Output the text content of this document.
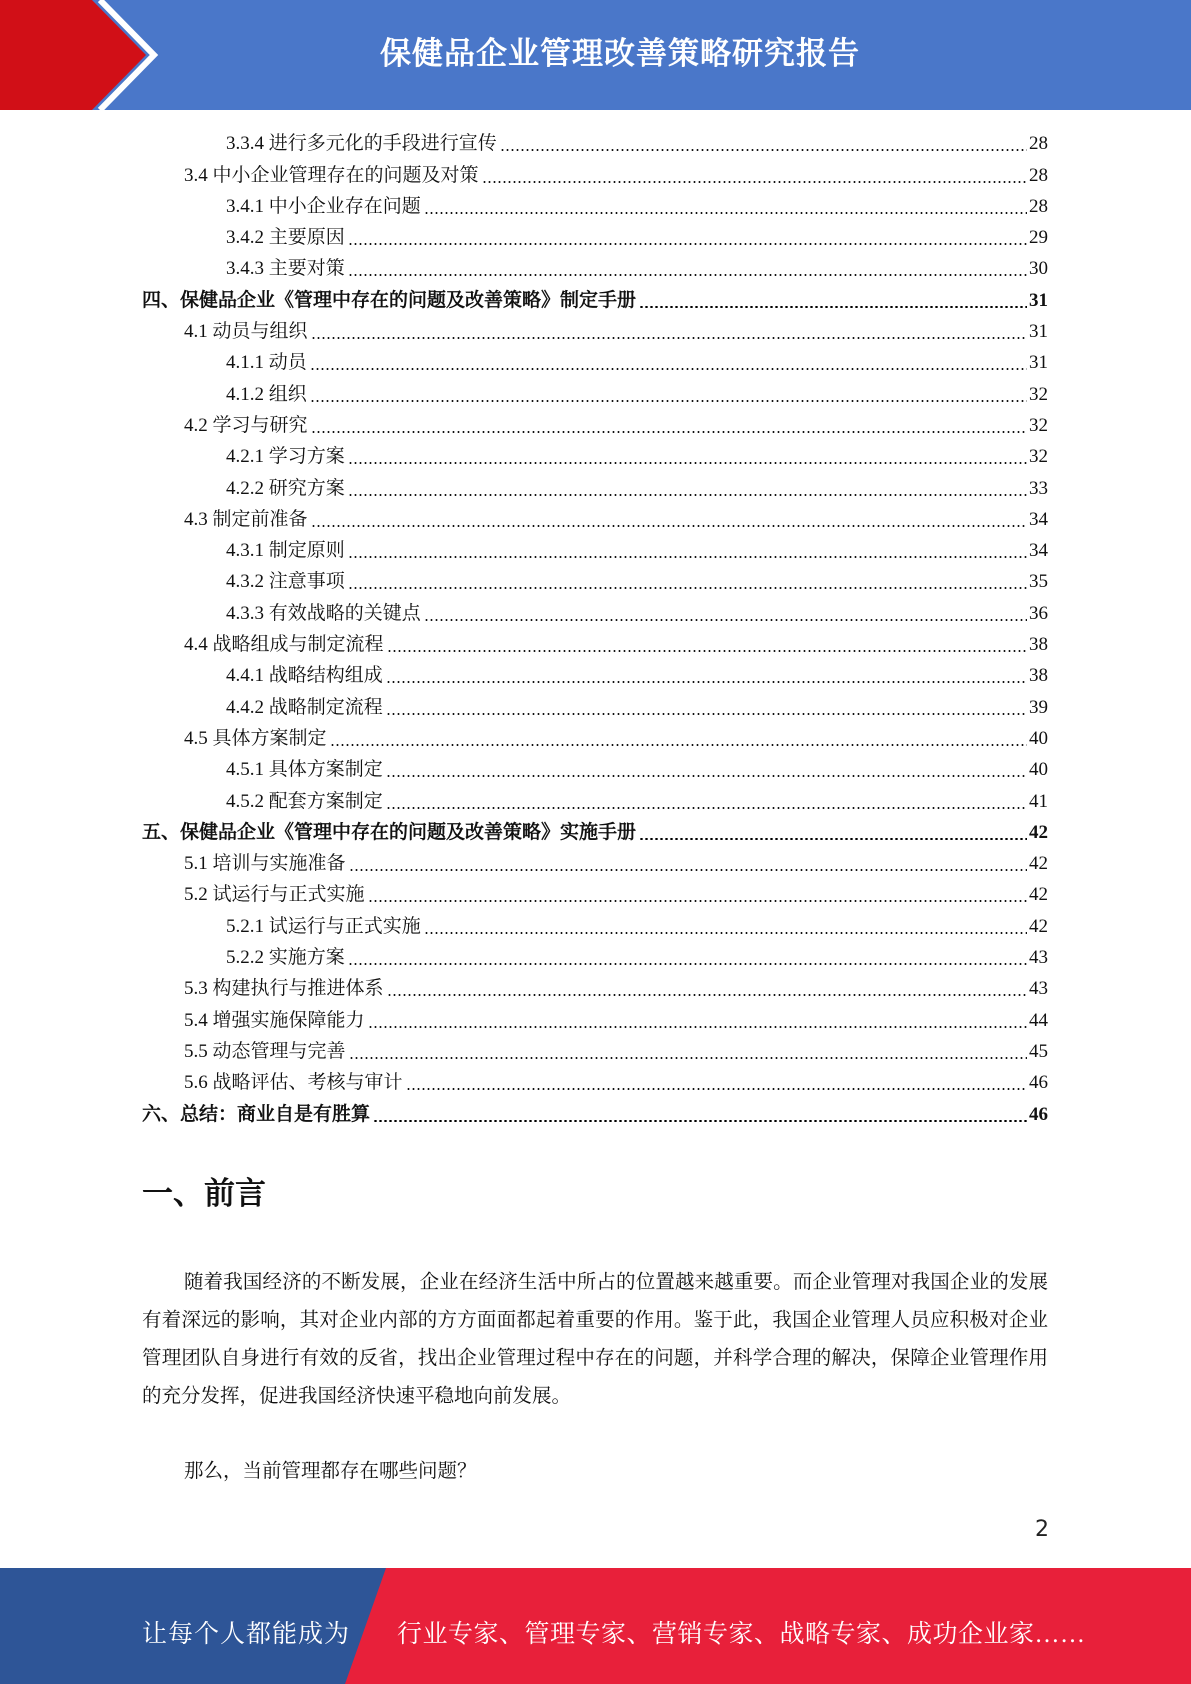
保健品企业管理改善策略研究报告
3.3.4 进行多元化的手段进行宣传	28
3.4 中小企业管理存在的问题及对策	28
3.4.1 中小企业存在问题	28
3.4.2 主要原因	29
3.4.3 主要对策	30
四、保健品企业《管理中存在的问题及改善策略》制定手册	31
4.1 动员与组织	31
4.1.1 动员	31
4.1.2 组织	32
4.2 学习与研究	32
4.2.1 学习方案	32
4.2.2 研究方案	33
4.3 制定前准备	34
4.3.1 制定原则	34
4.3.2 注意事项	35
4.3.3 有效战略的关键点	36
4.4 战略组成与制定流程	38
4.4.1 战略结构组成	38
4.4.2 战略制定流程	39
4.5 具体方案制定	40
4.5.1 具体方案制定	40
4.5.2 配套方案制定	41
五、保健品企业《管理中存在的问题及改善策略》实施手册	42
5.1 培训与实施准备	42
5.2 试运行与正式实施	42
5.2.1 试运行与正式实施	42
5.2.2 实施方案	43
5.3 构建执行与推进体系	43
5.4 增强实施保障能力	44
5.5 动态管理与完善	45
5.6 战略评估、考核与审计	46
六、总结：商业自是有胜算	46
一、前言

随着我国经济的不断发展，企业在经济生活中所占的位置越来越重要。而企业管理对我国企业的发展有着深远的影响，其对企业内部的方方面面都起着重要的作用。鉴于此，我国企业管理人员应积极对企业管理团队自身进行有效的反省，找出企业管理过程中存在的问题，并科学合理的解决，保障企业管理作用的充分发挥，促进我国经济快速平稳地向前发展。

那么，当前管理都存在哪些问题？

2
让每个人都能成为 行业专家、管理专家、营销专家、战略专家、成功企业家……
